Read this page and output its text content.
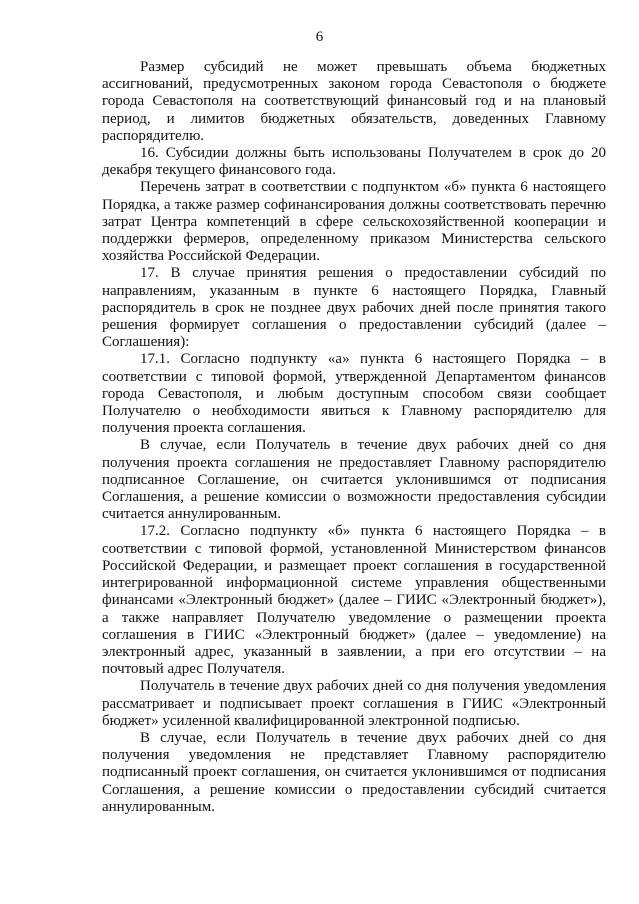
6

Размер субсидий не может превышать объема бюджетных ассигнований, предусмотренных законом города Севастополя о бюджете города Севастополя на соответствующий финансовый год и на плановый период, и лимитов бюджетных обязательств, доведенных Главному распорядителю.

16. Субсидии должны быть использованы Получателем в срок до 20 декабря текущего финансового года.

Перечень затрат в соответствии с подпунктом «б» пункта 6 настоящего Порядка, а также размер софинансирования должны соответствовать перечню затрат Центра компетенций в сфере сельскохозяйственной кооперации и поддержки фермеров, определенному приказом Министерства сельского хозяйства Российской Федерации.

17. В случае принятия решения о предоставлении субсидий по направлениям, указанным в пункте 6 настоящего Порядка, Главный распорядитель в срок не позднее двух рабочих дней после принятия такого решения формирует соглашения о предоставлении субсидий (далее – Соглашения):

17.1. Согласно подпункту «а» пункта 6 настоящего Порядка – в соответствии с типовой формой, утвержденной Департаментом финансов города Севастополя, и любым доступным способом связи сообщает Получателю о необходимости явиться к Главному распорядителю для получения проекта соглашения.

В случае, если Получатель в течение двух рабочих дней со дня получения проекта соглашения не предоставляет Главному распорядителю подписанное Соглашение, он считается уклонившимся от подписания Соглашения, а решение комиссии о возможности предоставления субсидии считается аннулированным.

17.2. Согласно подпункту «б» пункта 6 настоящего Порядка – в соответствии с типовой формой, установленной Министерством финансов Российской Федерации, и размещает проект соглашения в государственной интегрированной информационной системе управления общественными финансами «Электронный бюджет» (далее – ГИИС «Электронный бюджет»), а также направляет Получателю уведомление о размещении проекта соглашения в ГИИС «Электронный бюджет» (далее – уведомление) на электронный адрес, указанный в заявлении, а при его отсутствии – на почтовый адрес Получателя.

Получатель в течение двух рабочих дней со дня получения уведомления рассматривает и подписывает проект соглашения в ГИИС «Электронный бюджет» усиленной квалифицированной электронной подписью.

В случае, если Получатель в течение двух рабочих дней со дня получения уведомления не представляет Главному распорядителю подписанный проект соглашения, он считается уклонившимся от подписания Соглашения, а решение комиссии о предоставлении субсидий считается аннулированным.
